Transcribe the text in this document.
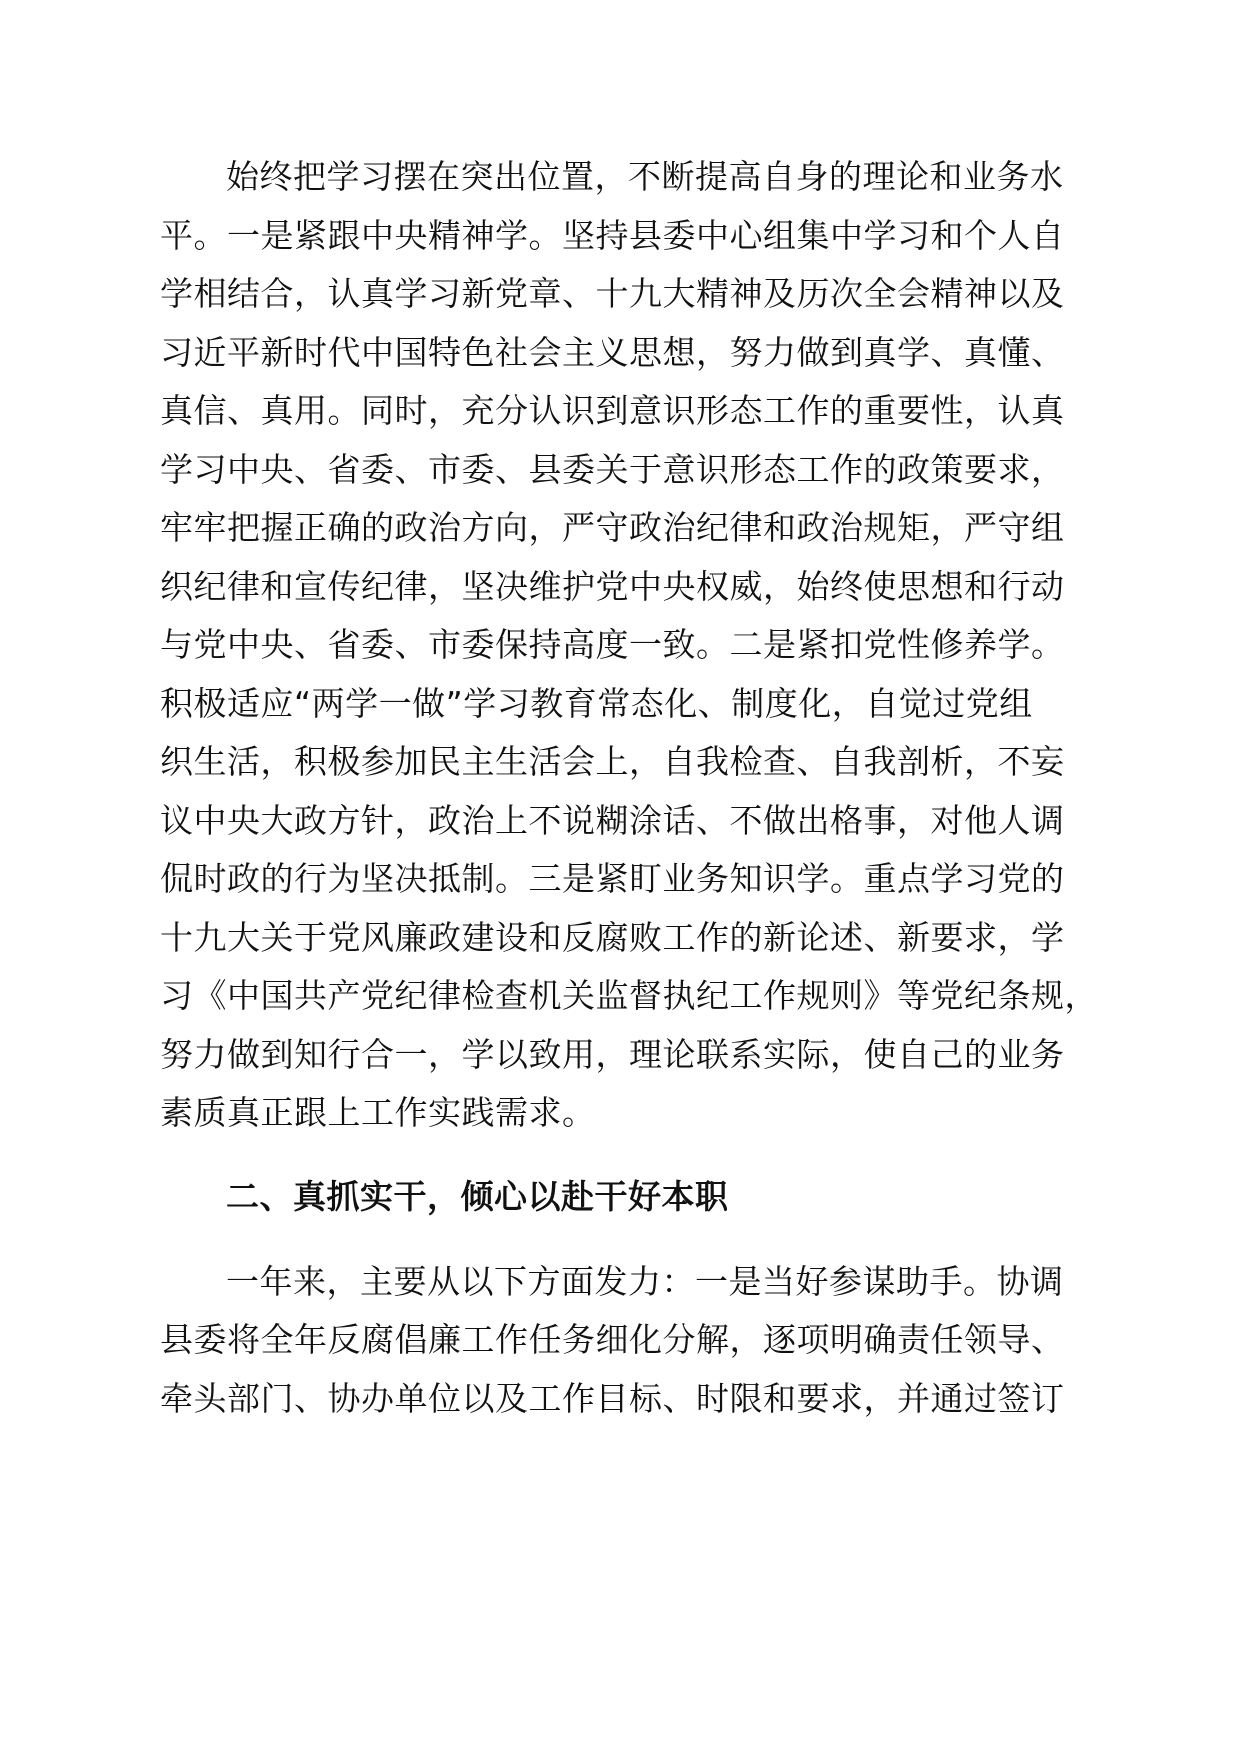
始终把学习摆在突出位置，不断提高自身的理论和业务水
平。一是紧跟中央精神学。坚持县委中心组集中学习和个人自
学相结合，认真学习新党章、十九大精神及历次全会精神以及
习近平新时代中国特色社会主义思想，努力做到真学、真懂、
真信、真用。同时，充分认识到意识形态工作的重要性，认真
学习中央、省委、市委、县委关于意识形态工作的政策要求，
牢牢把握正确的政治方向，严守政治纪律和政治规矩，严守组
织纪律和宣传纪律，坚决维护党中央权威，始终使思想和行动
与党中央、省委、市委保持高度一致。二是紧扣党性修养学。
积极适应“两学一做”学习教育常态化、制度化，自觉过党组
织生活，积极参加民主生活会上，自我检查、自我剖析，不妄
议中央大政方针，政治上不说糊涂话、不做出格事，对他人调
侃时政的行为坚决抵制。三是紧盯业务知识学。重点学习党的
十九大关于党风廉政建设和反腐败工作的新论述、新要求，学
习《中国共产党纪律检查机关监督执纪工作规则》等党纪条规，
努力做到知行合一，学以致用，理论联系实际，使自己的业务
素质真正跟上工作实践需求。
二、真抓实干，倾心以赴干好本职
一年来，主要从以下方面发力：一是当好参谋助手。协调
县委将全年反腐倡廉工作任务细化分解，逐项明确责任领导、
牵头部门、协办单位以及工作目标、时限和要求，并通过签订
